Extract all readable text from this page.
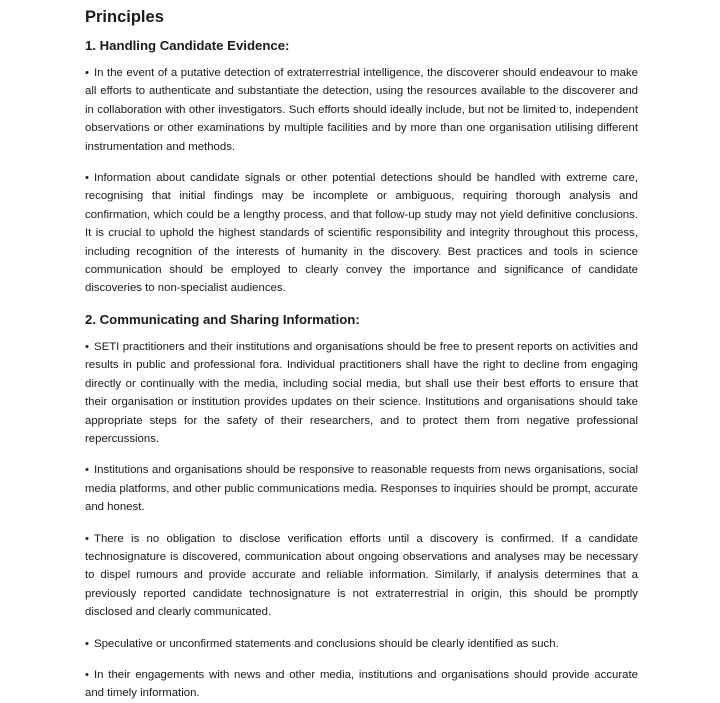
Principles
1. Handling Candidate Evidence:
• In the event of a putative detection of extraterrestrial intelligence, the discoverer should endeavour to make all efforts to authenticate and substantiate the detection, using the resources available to the discoverer and in collaboration with other investigators. Such efforts should ideally include, but not be limited to, independent observations or other examinations by multiple facilities and by more than one organisation utilising different instrumentation and methods.
• Information about candidate signals or other potential detections should be handled with extreme care, recognising that initial findings may be incomplete or ambiguous, requiring thorough analysis and confirmation, which could be a lengthy process, and that follow-up study may not yield definitive conclusions. It is crucial to uphold the highest standards of scientific responsibility and integrity throughout this process, including recognition of the interests of humanity in the discovery. Best practices and tools in science communication should be employed to clearly convey the importance and significance of candidate discoveries to non-specialist audiences.
2. Communicating and Sharing Information:
• SETI practitioners and their institutions and organisations should be free to present reports on activities and results in public and professional fora. Individual practitioners shall have the right to decline from engaging directly or continually with the media, including social media, but shall use their best efforts to ensure that their organisation or institution provides updates on their science. Institutions and organisations should take appropriate steps for the safety of their researchers, and to protect them from negative professional repercussions.
• Institutions and organisations should be responsive to reasonable requests from news organisations, social media platforms, and other public communications media. Responses to inquiries should be prompt, accurate and honest.
• There is no obligation to disclose verification efforts until a discovery is confirmed. If a candidate technosignature is discovered, communication about ongoing observations and analyses may be necessary to dispel rumours and provide accurate and reliable information. Similarly, if analysis determines that a previously reported candidate technosignature is not extraterrestrial in origin, this should be promptly disclosed and clearly communicated.
• Speculative or unconfirmed statements and conclusions should be clearly identified as such.
• In their engagements with news and other media, institutions and organisations should provide accurate and timely information.
